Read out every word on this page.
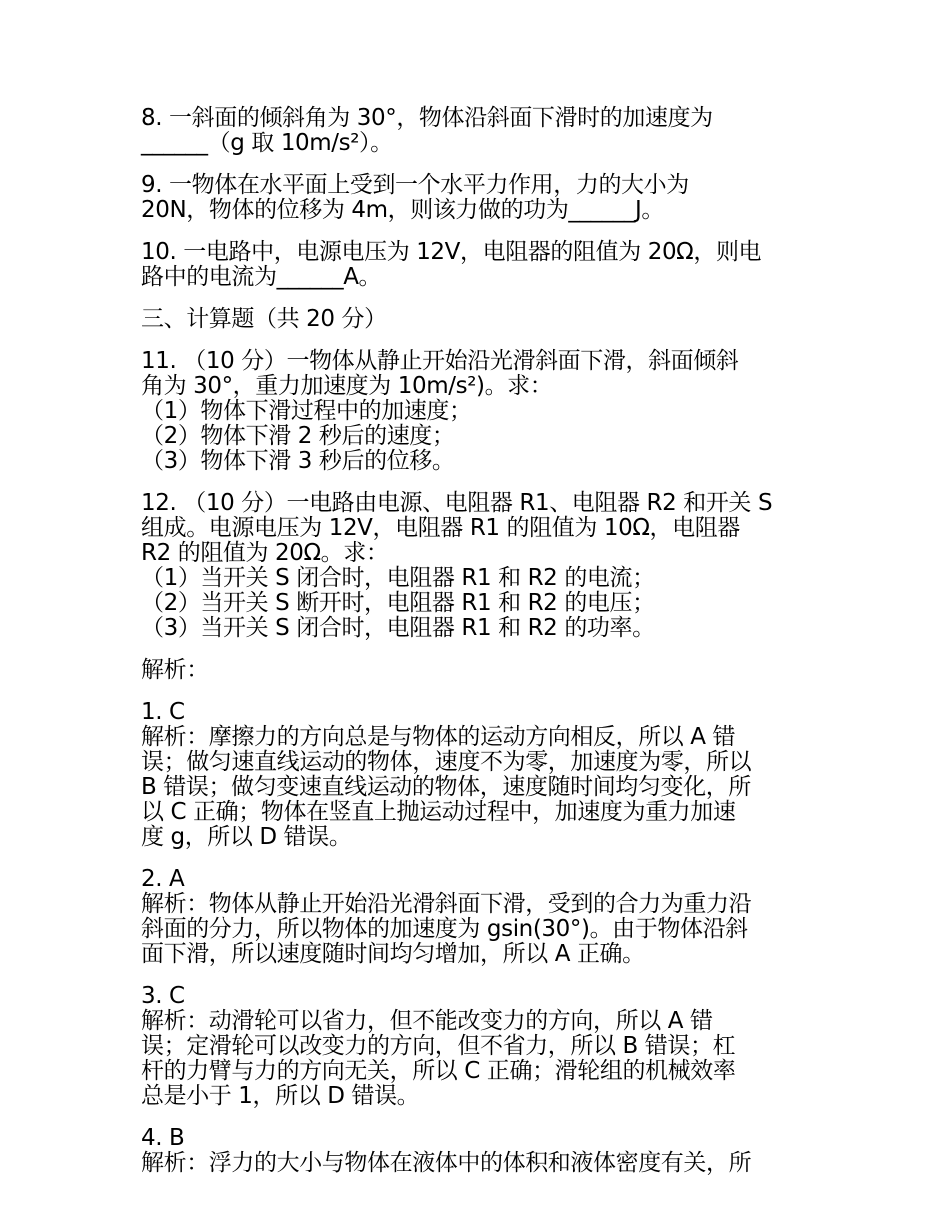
8. 一斜面的倾斜角为 30°，物体沿斜面下滑时的加速度为
______（g 取 10m/s²）。
9. 一物体在水平面上受到一个水平力作用，力的大小为
20N，物体的位移为 4m，则该力做的功为______J。
10. 一电路中，电源电压为 12V，电阻器的阻值为 20Ω，则电
路中的电流为______A。
三、计算题（共 20 分）
11. （10 分）一物体从静止开始沿光滑斜面下滑，斜面倾斜
角为 30°，重力加速度为 10m/s²)。求：
（1）物体下滑过程中的加速度；
（2）物体下滑 2 秒后的速度；
（3）物体下滑 3 秒后的位移。
12. （10 分）一电路由电源、电阻器 R1、电阻器 R2 和开关 S
组成。电源电压为 12V，电阻器 R1 的阻值为 10Ω，电阻器
R2 的阻值为 20Ω。求：
（1）当开关 S 闭合时，电阻器 R1 和 R2 的电流；
（2）当开关 S 断开时，电阻器 R1 和 R2 的电压；
（3）当开关 S 闭合时，电阻器 R1 和 R2 的功率。
解析：
1. C
解析：摩擦力的方向总是与物体的运动方向相反，所以 A 错
误；做匀速直线运动的物体，速度不为零，加速度为零，所以
B 错误；做匀变速直线运动的物体，速度随时间均匀变化，所
以 C 正确；物体在竖直上抛运动过程中，加速度为重力加速
度 g，所以 D 错误。
2. A
解析：物体从静止开始沿光滑斜面下滑，受到的合力为重力沿
斜面的分力，所以物体的加速度为 gsin(30°)。由于物体沿斜
面下滑，所以速度随时间均匀增加，所以 A 正确。
3. C
解析：动滑轮可以省力，但不能改变力的方向，所以 A 错
误；定滑轮可以改变力的方向，但不省力，所以 B 错误；杠
杆的力臂与力的方向无关，所以 C 正确；滑轮组的机械效率
总是小于 1，所以 D 错误。
4. B
解析：浮力的大小与物体在液体中的体积和液体密度有关，所
